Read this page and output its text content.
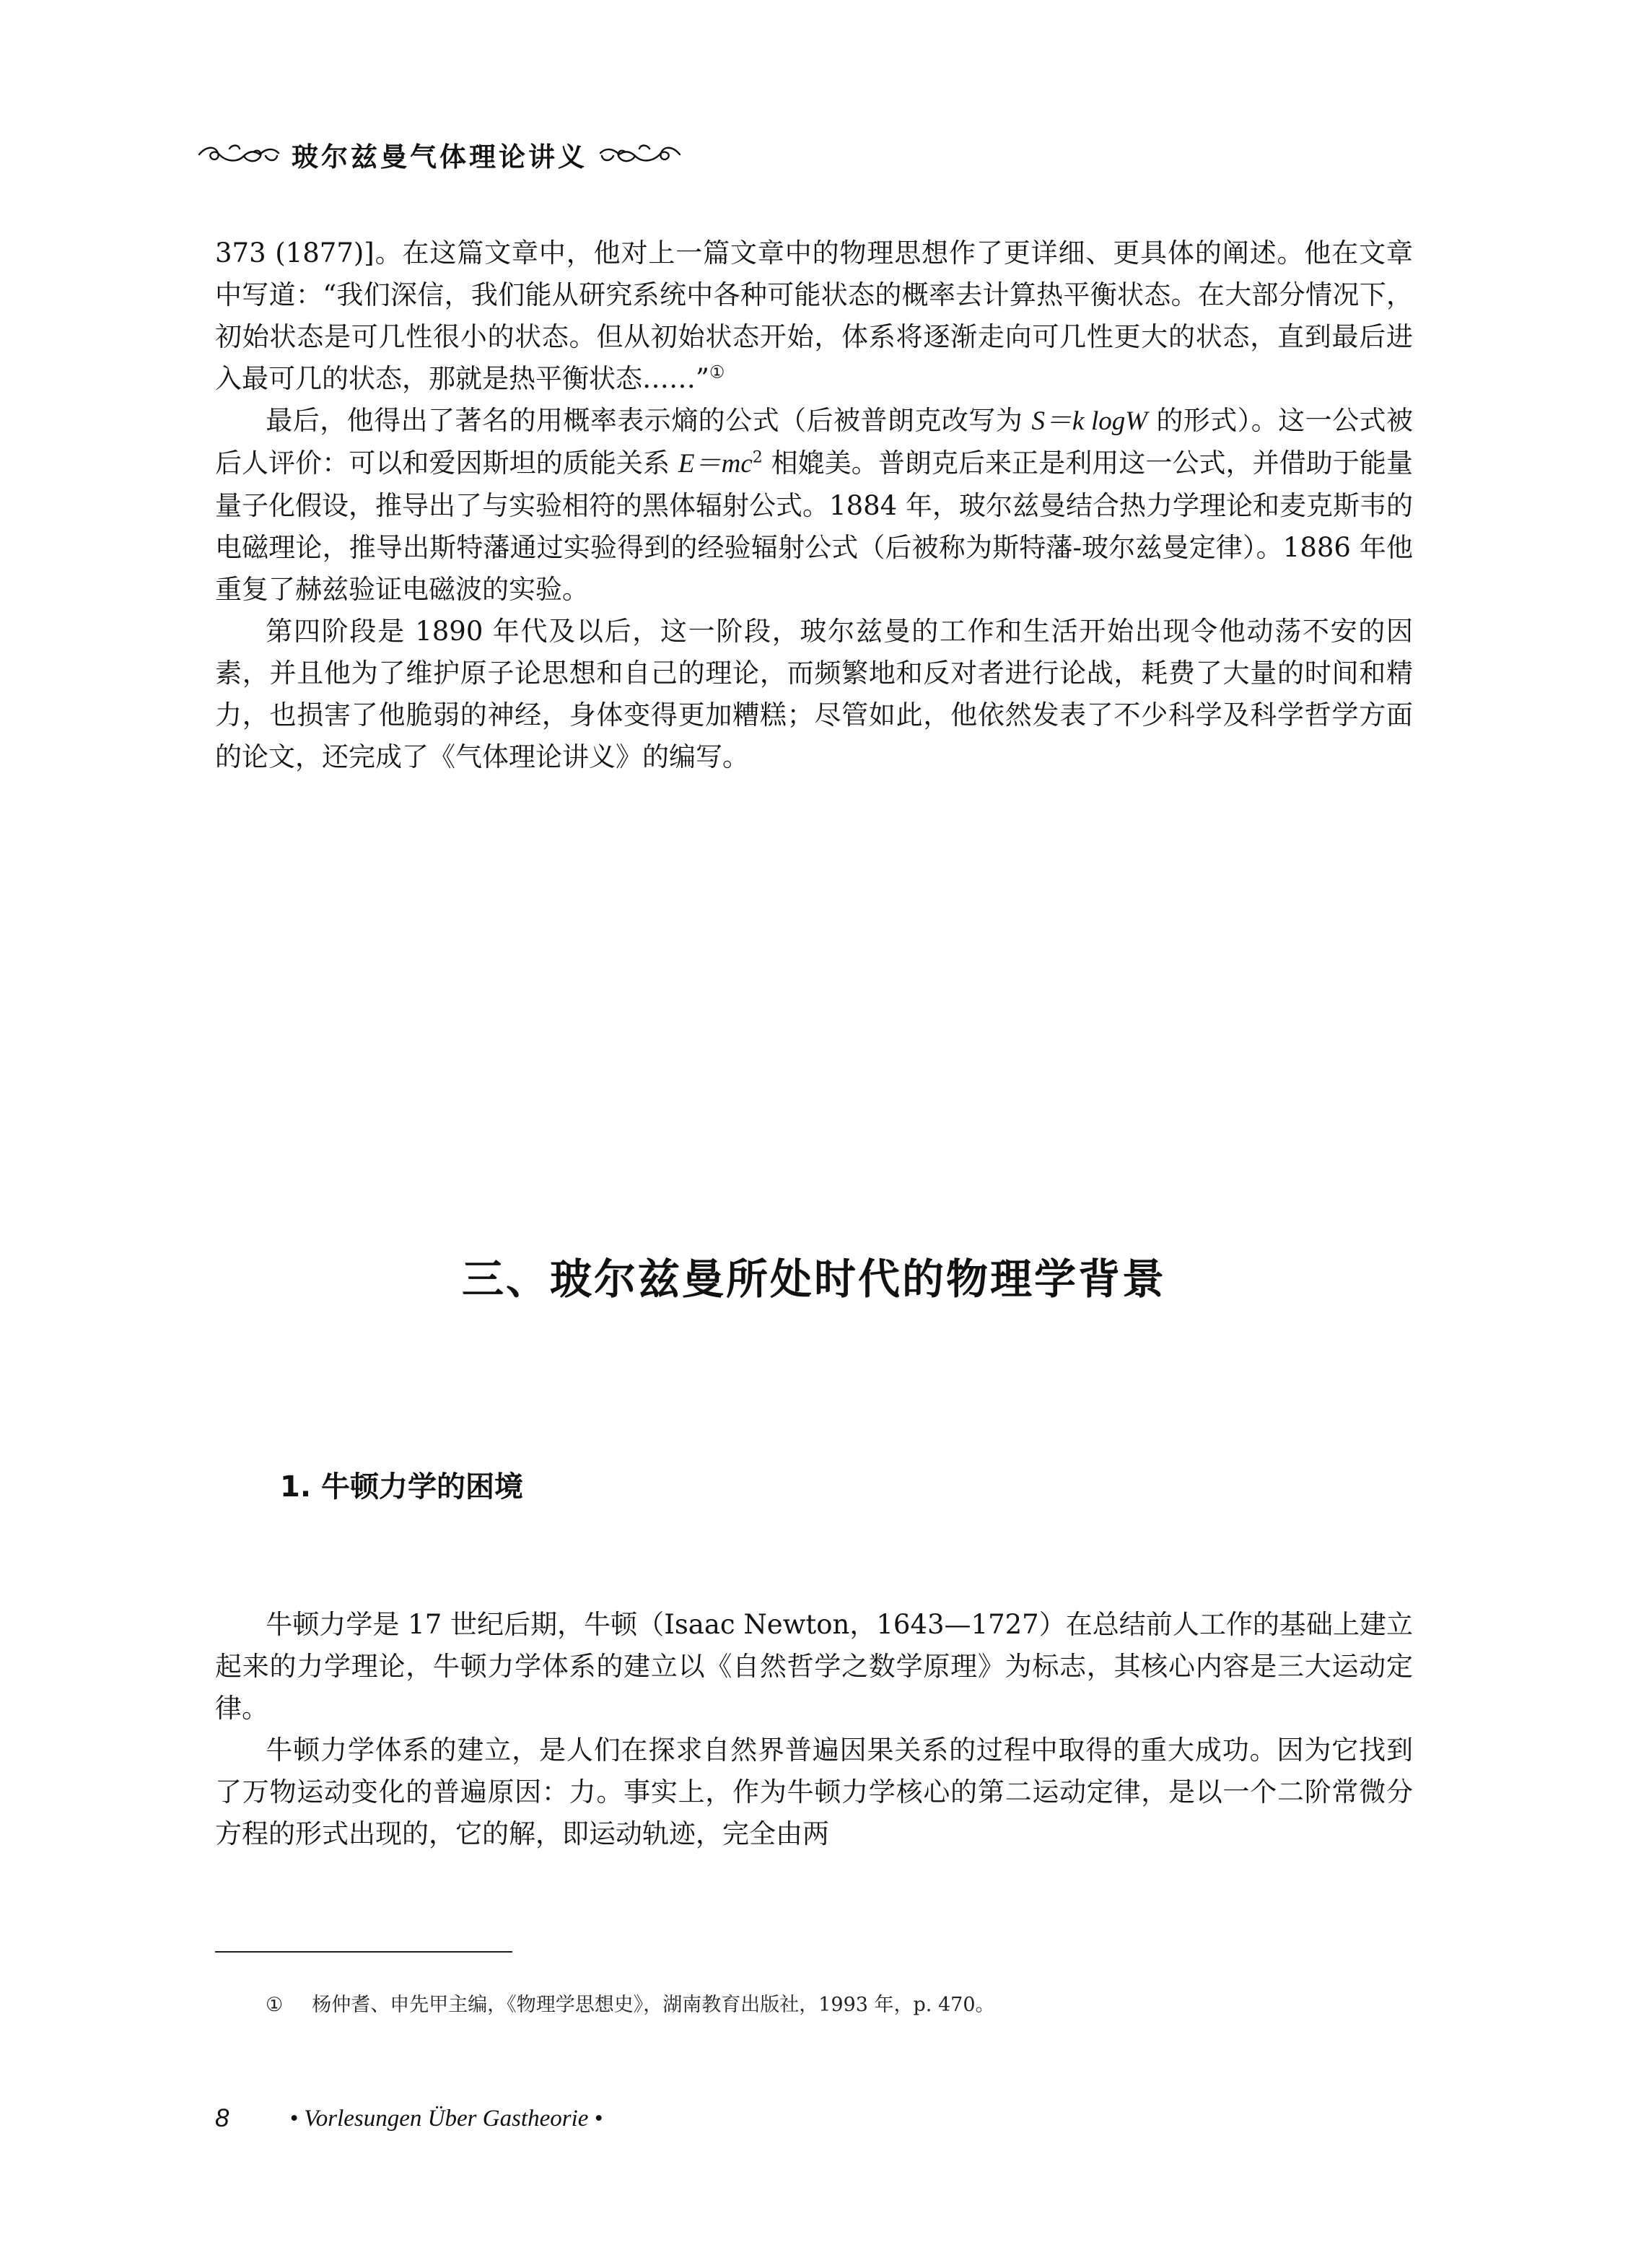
玻尔兹曼气体理论讲义

373 (1877)]。在这篇文章中，他对上一篇文章中的物理思想作了更详细、更具体的阐述。他在文章中写道：“我们深信，我们能从研究系统中各种可能状态的概率去计算热平衡状态。在大部分情况下，初始状态是可几性很小的状态。但从初始状态开始，体系将逐渐走向可几性更大的状态，直到最后进入最可几的状态，那就是热平衡状态……”①

最后，他得出了著名的用概率表示熵的公式（后被普朗克改写为 S＝k logW 的形式）。这一公式被后人评价：可以和爱因斯坦的质能关系 $E=mc^2$ 相媲美。普朗克后来正是利用这一公式，并借助于能量量子化假设，推导出了与实验相符的黑体辐射公式。1884 年，玻尔兹曼结合热力学理论和麦克斯韦的电磁理论，推导出斯特藩通过实验得到的经验辐射公式（后被称为斯特藩-玻尔兹曼定律）。1886 年他重复了赫兹验证电磁波的实验。

第四阶段是 1890 年代及以后，这一阶段，玻尔兹曼的工作和生活开始出现令他动荡不安的因素，并且他为了维护原子论思想和自己的理论，而频繁地和反对者进行论战，耗费了大量的时间和精力，也损害了他脆弱的神经，身体变得更加糟糕；尽管如此，他依然发表了不少科学及科学哲学方面的论文，还完成了《气体理论讲义》的编写。

三、玻尔兹曼所处时代的物理学背景
1. 牛顿力学的困境

牛顿力学是 17 世纪后期，牛顿（Isaac Newton，1643—1727）在总结前人工作的基础上建立起来的力学理论，牛顿力学体系的建立以《自然哲学之数学原理》为标志，其核心内容是三大运动定律。

牛顿力学体系的建立，是人们在探求自然界普遍因果关系的过程中取得的重大成功。因为它找到了万物运动变化的普遍原因：力。事实上，作为牛顿力学核心的第二运动定律，是以一个二阶常微分方程的形式出现的，它的解，即运动轨迹，完全由两

① 杨仲耆、申先甲主编，《物理学思想史》，湖南教育出版社，1993 年，p. 470。
8	• Vorlesungen Über Gastheorie •
